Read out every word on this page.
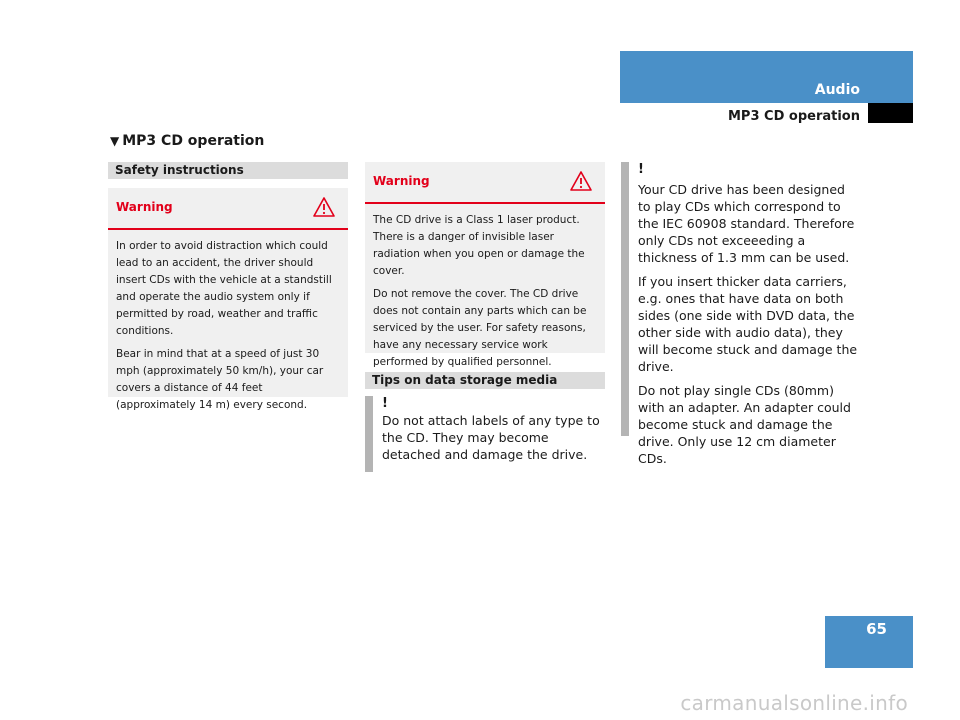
Audio
MP3 CD operation
▼ MP3 CD operation
Safety instructions
Warning

In order to avoid distraction which could lead to an accident, the driver should insert CDs with the vehicle at a standstill and operate the audio system only if permitted by road, weather and traffic conditions.

Bear in mind that at a speed of just 30 mph (approximately 50 km/h), your car covers a distance of 44 feet (approximately 14 m) every second.

Warning

The CD drive is a Class 1 laser product. There is a danger of invisible laser radiation when you open or damage the cover.

Do not remove the cover. The CD drive does not contain any parts which can be serviced by the user. For safety reasons, have any necessary service work performed by qualified personnel.

Tips on data storage media
!

Do not attach labels of any type to the CD. They may become detached and damage the drive.

!

Your CD drive has been designed to play CDs which correspond to the IEC 60908 standard. Therefore only CDs not exceeeding a thickness of 1.3 mm can be used.

If you insert thicker data carriers, e.g. ones that have data on both sides (one side with DVD data, the other side with audio data), they will become stuck and damage the drive.

Do not play single CDs (80mm) with an adapter. An adapter could become stuck and damage the drive. Only use 12 cm diameter CDs.

65
carmanualsonline.info
